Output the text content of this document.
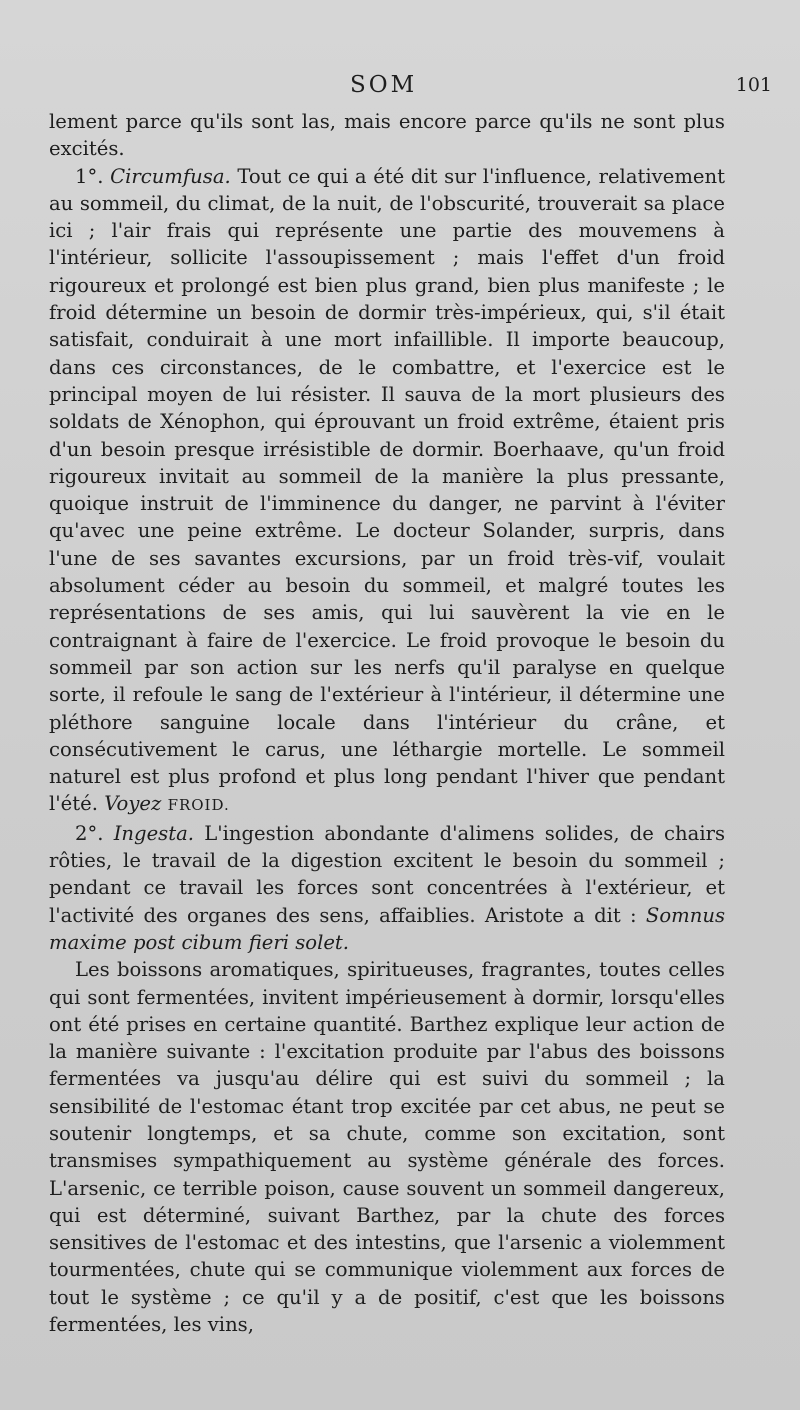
SOM	101

lement parce qu'ils sont las, mais encore parce qu'ils ne sont plus excités.

1°. Circumfusa. Tout ce qui a été dit sur l'influence, relativement au sommeil, du climat, de la nuit, de l'obscurité, trouverait sa place ici ; l'air frais qui représente une partie des mouvemens à l'intérieur, sollicite l'assoupissement ; mais l'effet d'un froid rigoureux et prolongé est bien plus grand, bien plus manifeste ; le froid détermine un besoin de dormir très-impérieux, qui, s'il était satisfait, conduirait à une mort infaillible. Il importe beaucoup, dans ces circonstances, de le combattre, et l'exercice est le principal moyen de lui résister. Il sauva de la mort plusieurs des soldats de Xénophon, qui éprouvant un froid extrême, étaient pris d'un besoin presque irrésistible de dormir. Boerhaave, qu'un froid rigoureux invitait au sommeil de la manière la plus pressante, quoique instruit de l'imminence du danger, ne parvint à l'éviter qu'avec une peine extrême. Le docteur Solander, surpris, dans l'une de ses savantes excursions, par un froid très-vif, voulait absolument céder au besoin du sommeil, et malgré toutes les représentations de ses amis, qui lui sauvèrent la vie en le contraignant à faire de l'exercice. Le froid provoque le besoin du sommeil par son action sur les nerfs qu'il paralyse en quelque sorte, il refoule le sang de l'extérieur à l'intérieur, il détermine une pléthore sanguine locale dans l'intérieur du crâne, et consécutivement le carus, une léthargie mortelle. Le sommeil naturel est plus profond et plus long pendant l'hiver que pendant l'été. Voyez FROID.

2°. Ingesta. L'ingestion abondante d'alimens solides, de chairs rôties, le travail de la digestion excitent le besoin du sommeil ; pendant ce travail les forces sont concentrées à l'extérieur, et l'activité des organes des sens, affaiblies. Aristote a dit : Somnus maxime post cibum fieri solet.

Les boissons aromatiques, spiritueuses, fragrantes, toutes celles qui sont fermentées, invitent impérieusement à dormir, lorsqu'elles ont été prises en certaine quantité. Barthez explique leur action de la manière suivante : l'excitation produite par l'abus des boissons fermentées va jusqu'au délire qui est suivi du sommeil ; la sensibilité de l'estomac étant trop excitée par cet abus, ne peut se soutenir longtemps, et sa chute, comme son excitation, sont transmises sympathiquement au système générale des forces. L'arsenic, ce terrible poison, cause souvent un sommeil dangereux, qui est déterminé, suivant Barthez, par la chute des forces sensitives de l'estomac et des intestins, que l'arsenic a violemment tourmentées, chute qui se communique violemment aux forces de tout le système ; ce qu'il y a de positif, c'est que les boissons fermentées, les vins,
